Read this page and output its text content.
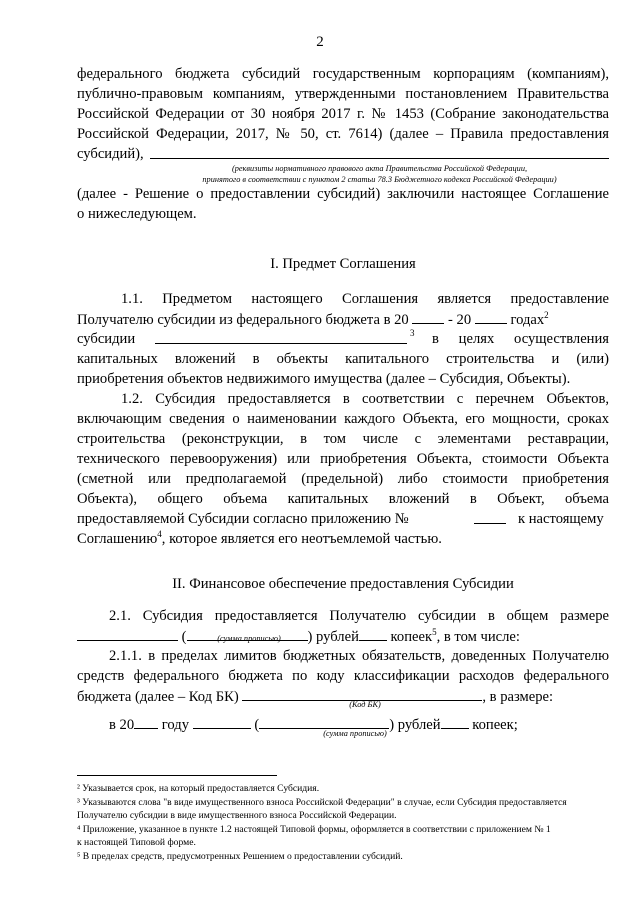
2
федерального бюджета субсидий государственным корпорациям (компаниям),
публично-правовым компаниям, утвержденными постановлением Правительства
Российской Федерации от 30 ноября 2017 г. № 1453 (Собрание законодательства
Российской Федерации, 2017, № 50, ст. 7614) (далее – Правила предоставления
субсидий),
(реквизиты нормативного правового акта Правительства Российской Федерации,
принятого в соответствии с пунктом 2 статьи 78.3 Бюджетного кодекса Российской Федерации)
(далее - Решение о предоставлении субсидий) заключили настоящее Соглашение
о нижеследующем.
I. Предмет Соглашения
1.1. Предметом настоящего Соглашения является предоставление
Получателю субсидии из федерального бюджета в 20	- 20	годах$^2$
субсидии	3	в целях осуществления
капитальных вложений в объекты капитального строительства и (или)
приобретения объектов недвижимого имущества (далее – Субсидия, Объекты).
1.2. Субсидия предоставляется в соответствии с перечнем Объектов,
включающим сведения о наименовании каждого Объекта, его мощности, сроках
строительства (реконструкции, в том числе с элементами реставрации,
технического перевооружения) или приобретения Объекта, стоимости Объекта
(сметной или предполагаемой (предельной) либо стоимости приобретения
Объекта), общего объема капитальных вложений в Объект, объема
предоставляемой Субсидии согласно приложению №	к настоящему
Соглашению$^4$, которое является его неотъемлемой частью.
II. Финансовое обеспечение предоставления Субсидии
2.1. Субсидия предоставляется Получателю субсидии в общем размере
(	) рублей копеек$^5$, в том числе:
(сумма прописью)
2.1.1. в пределах лимитов бюджетных обязательств, доведенных Получателю
средств федерального бюджета по коду классификации расходов федерального
бюджета (далее – Код БК)	, в размере:
(Код БК)
в 20 году	(	) рублей копеек;
(сумма прописью)
² Указывается срок, на который предоставляется Субсидия.
³ Указываются слова "в виде имущественного взноса Российской Федерации" в случае, если Субсидия предоставляется
Получателю субсидии в виде имущественного взноса Российской Федерации.
⁴ Приложение, указанное в пункте 1.2 настоящей Типовой формы, оформляется в соответствии с приложением № 1
к настоящей Типовой форме.
⁵ В пределах средств, предусмотренных Решением о предоставлении субсидий.
